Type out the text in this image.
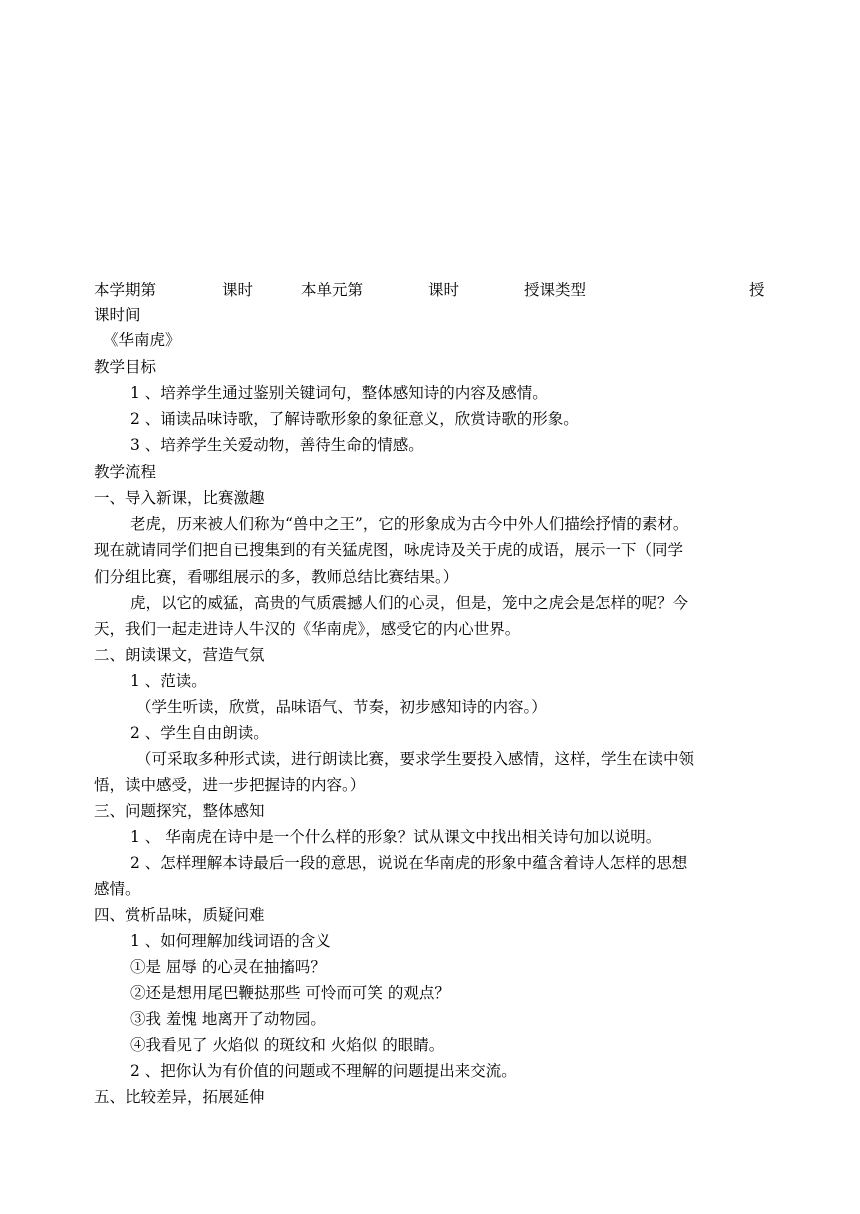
本学期第	课时	本单元第	课时	授课类型	授
课时间
《华南虎》
教学目标
1 、培养学生通过鉴别关键词句，整体感知诗的内容及感情。
2 、诵读品味诗歌，了解诗歌形象的象征意义，欣赏诗歌的形象。
3 、培养学生关爱动物，善待生命的情感。
教学流程
一、导入新课，比赛激趣
老虎，历来被人们称为“兽中之王”，它的形象成为古今中外人们描绘抒情的素材。
现在就请同学们把自已搜集到的有关猛虎图，咏虎诗及关于虎的成语，展示一下（同学
们分组比赛，看哪组展示的多，教师总结比赛结果。）
虎，以它的威猛，高贵的气质震撼人们的心灵，但是，笼中之虎会是怎样的呢？今
天，我们一起走进诗人牛汉的《华南虎》，感受它的内心世界。
二、朗读课文，营造气氛
1 、范读。
（学生听读，欣赏，品味语气、节奏，初步感知诗的内容。）
2 、学生自由朗读。
（可采取多种形式读，进行朗读比赛，要求学生要投入感情，这样，学生在读中领
悟，读中感受，进一步把握诗的内容。）
三、问题探究，整体感知
1 、 华南虎在诗中是一个什么样的形象？试从课文中找出相关诗句加以说明。
2 、怎样理解本诗最后一段的意思，说说在华南虎的形象中蕴含着诗人怎样的思想
感情。
四、赏析品味，质疑问难
1 、如何理解加线词语的含义
①是 屈辱 的心灵在抽搐吗？
②还是想用尾巴鞭挞那些 可怜而可笑 的观点？
③我 羞愧 地离开了动物园。
④我看见了 火焰似 的斑纹和 火焰似 的眼睛。
2 、把你认为有价值的问题或不理解的问题提出来交流。
五、比较差异，拓展延伸
